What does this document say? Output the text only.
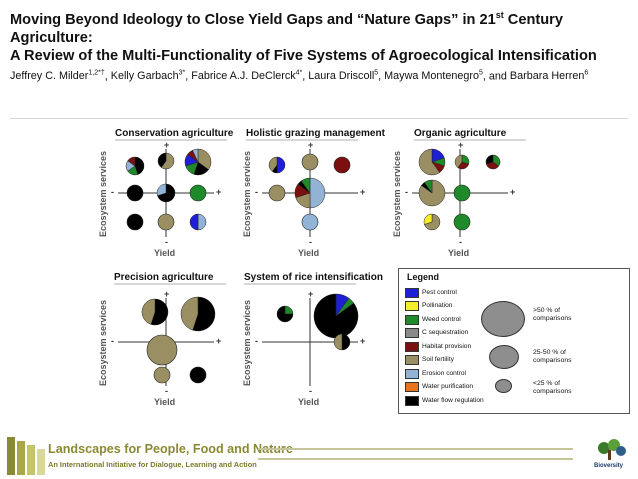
Moving Beyond Ideology to Close Yield Gaps and “Nature Gaps” in 21st Century Agriculture:
A Review of the Multi-Functionality of Five Systems of Agroecological Intensification
Jeffrey C. Milder$^{1,2*\dagger}$, Kelly Garbach$^{3*}$, Fabrice A.J. DeClerck$^{4*}$, Laura Driscoll$^5$, Maywa Montenegro$^5$, and Barbara Herren$^6$
Conservation agriculture
+
-
-	+
Yield
Ecosystem services
Holistic grazing management
+
-
-	+
Yield
Ecosystem services
Organic agriculture
+
-
-	+
Yield
Ecosystem services
Precision agriculture
+
-
-	+
Yield
Ecosystem services
System of rice intensification
+
-
-	+
Yield
Ecosystem services
Legend
Pest control
Pollination
Weed control
C sequestration
Habitat provision
Soil fertility
Erosion control
Water purification
Water flow regulation
>50 % of comparisons
25-50 % of comparisons
<25 % of comparisons
Landscapes for People, Food and Nature
An International Initiative for Dialogue, Learning and Action	Bioversity
